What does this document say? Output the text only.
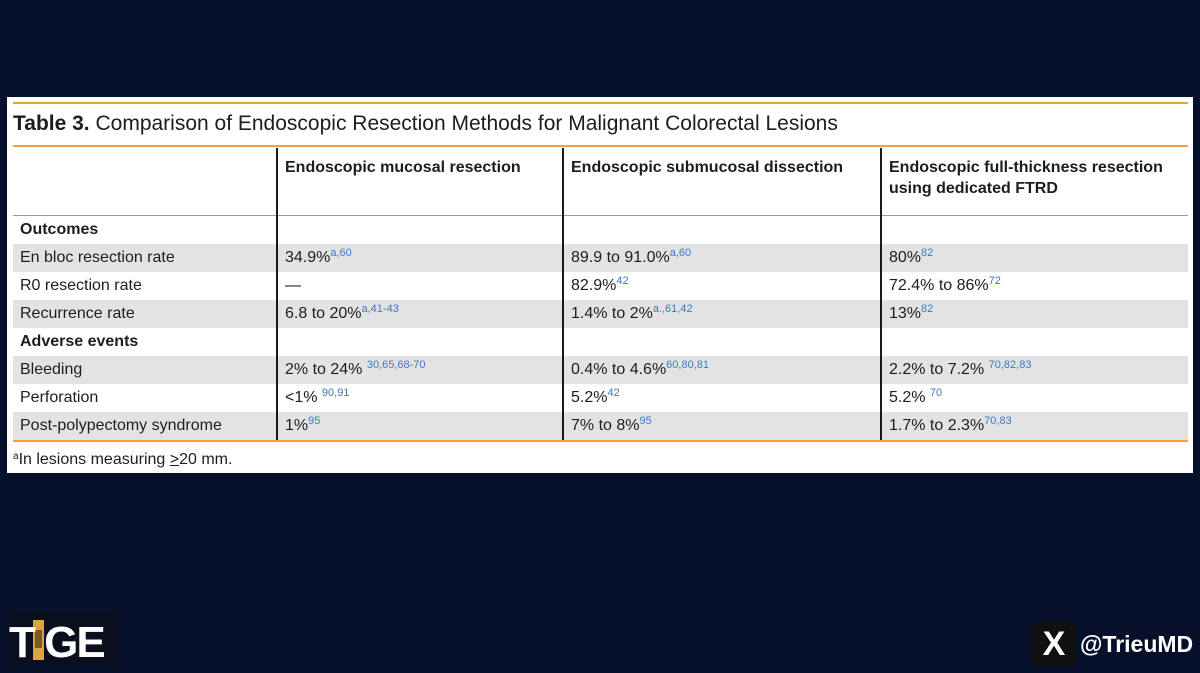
Table 3. Comparison of Endoscopic Resection Methods for Malignant Colorectal Lesions
	Endoscopic mucosal resection	Endoscopic submucosal dissection	Endoscopic full-thickness resection using dedicated FTRD
Outcomes			
En bloc resection rate	34.9%$^{a,60}$	89.9 to 91.0%$^{a,60}$	80%$^{82}$
R0 resection rate	—	82.9%$^{42}$	72.4% to 86%$^{72}$
Recurrence rate	6.8 to 20%$^{a,41-43}$	1.4% to 2%$^{a.,61,42}$	13%$^{82}$
Adverse events			
Bleeding	2% to 24% $^{30,65,68-70}$	0.4% to 4.6%$^{60,80,81}$	2.2% to 7.2% $^{70,82,83}$
Perforation	<1% $^{90,91}$	5.2%$^{42}$	5.2% $^{70}$
Post-polypectomy syndrome	1%$^{95}$	7% to 8%$^{95}$	1.7% to 2.3%$^{70,83}$
$^a$In lesions measuring >20 mm.
T GE	X @TrieuMD
